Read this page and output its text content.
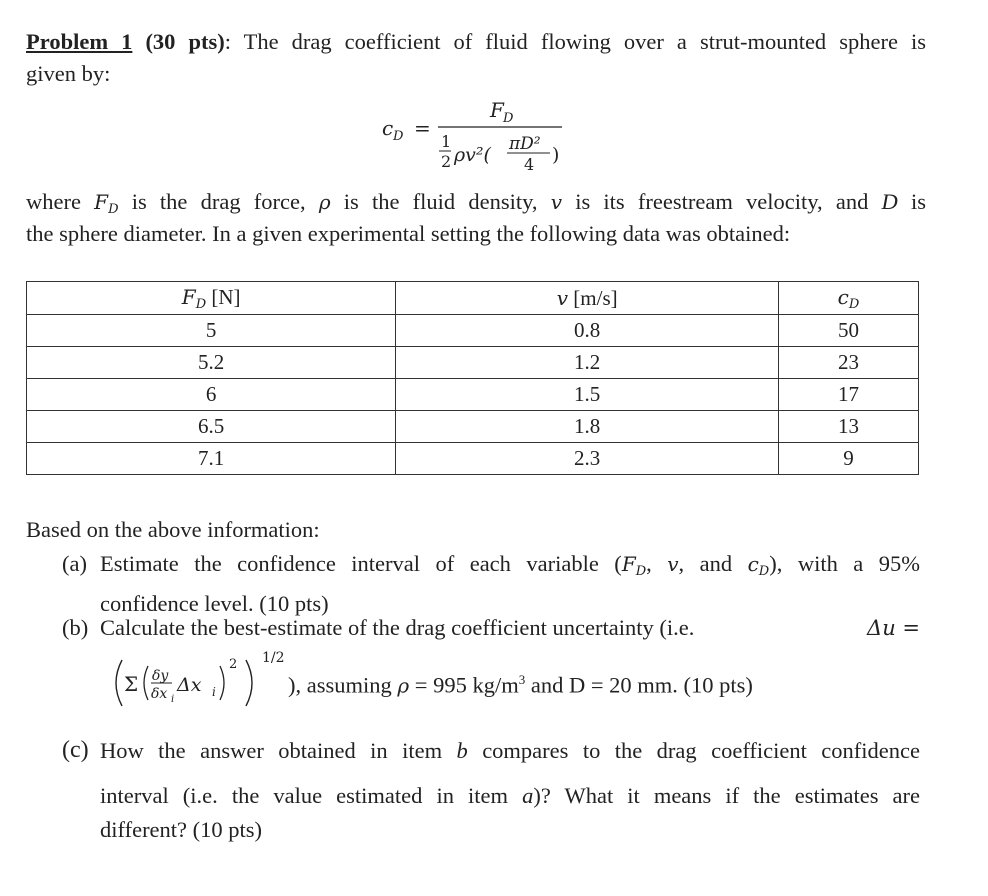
Problem 1 (30 pts): The drag coefficient of fluid flowing over a strut-mounted sphere is

given by:

c D =
F D
1
2 ρv²( πD²
4 )

where $F_D$ is the drag force, ρ is the fluid density, v is its freestream velocity, and D is

the sphere diameter. In a given experimental setting the following data was obtained:

$F_D$ [N]	v [m/s]	$c_D$
5	0.8	50
5.2	1.2	23
6	1.5	17
6.5	1.8	13
7.1	2.3	9

Based on the above information:

(a) Estimate the confidence interval of each variable ($F_D$, v, and $c_D$), with a 95%
confidence level. (10 pts)
(b) Calculate the best-estimate of the drag coefficient uncertainty (i.e.	Δu =
Σ δy
δx i
Δx i
2 1/2
), assuming ρ = 995 $kg/m^3$ and D = 20 mm. (10 pts)
(c) How the answer obtained in item b compares to the drag coefficient confidence
interval (i.e. the value estimated in item a)? What it means if the estimates are
different? (10 pts)
